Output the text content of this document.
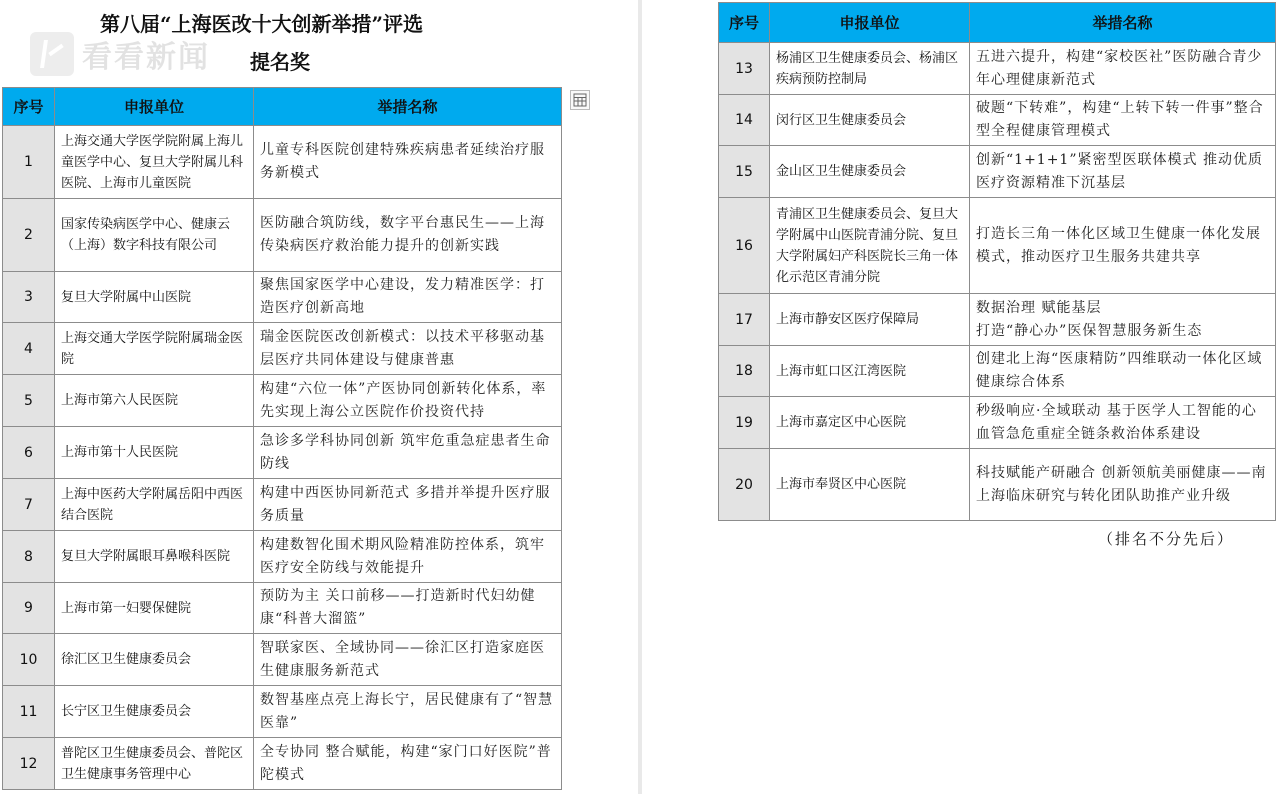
看看新闻
第八届“上海医改十大创新举措”评选
提名奖
序号	申报单位	举措名称
1	上海交通大学医学院附属上海儿童医学中心、复旦大学附属儿科医院、上海市儿童医院	儿童专科医院创建特殊疾病患者延续治疗服务新模式
2	国家传染病医学中心、健康云（上海）数字科技有限公司	医防融合筑防线，数字平台惠民生——上海传染病医疗救治能力提升的创新实践
3	复旦大学附属中山医院	聚焦国家医学中心建设，发力精准医学：打造医疗创新高地
4	上海交通大学医学院附属瑞金医院	瑞金医院医改创新模式：以技术平移驱动基层医疗共同体建设与健康普惠
5	上海市第六人民医院	构建“六位一体”产医协同创新转化体系，率先实现上海公立医院作价投资代持
6	上海市第十人民医院	急诊多学科协同创新 筑牢危重急症患者生命防线
7	上海中医药大学附属岳阳中西医结合医院	构建中西医协同新范式 多措并举提升医疗服务质量
8	复旦大学附属眼耳鼻喉科医院	构建数智化围术期风险精准防控体系，筑牢医疗安全防线与效能提升
9	上海市第一妇婴保健院	预防为主 关口前移——打造新时代妇幼健康“科普大溜篮”
10	徐汇区卫生健康委员会	智联家医、全域协同——徐汇区打造家庭医生健康服务新范式
11	长宁区卫生健康委员会	数智基座点亮上海长宁，居民健康有了“智慧医靠”
12	普陀区卫生健康委员会、普陀区卫生健康事务管理中心	全专协同 整合赋能，构建“家门口好医院”普陀模式
序号	申报单位	举措名称
13	杨浦区卫生健康委员会、杨浦区疾病预防控制局	五进六提升，构建“家校医社”医防融合青少年心理健康新范式
14	闵行区卫生健康委员会	破题“下转难”，构建“上转下转一件事”整合型全程健康管理模式
15	金山区卫生健康委员会	创新“1+1+1”紧密型医联体模式 推动优质医疗资源精准下沉基层
16	青浦区卫生健康委员会、复旦大学附属中山医院青浦分院、复旦大学附属妇产科医院长三角一体化示范区青浦分院	打造长三角一体化区域卫生健康一体化发展模式，推动医疗卫生服务共建共享
17	上海市静安区医疗保障局	数据治理 赋能基层
打造“静心办”医保智慧服务新生态
18	上海市虹口区江湾医院	创建北上海“医康精防”四维联动一体化区域健康综合体系
19	上海市嘉定区中心医院	秒级响应·全域联动 基于医学人工智能的心血管急危重症全链条救治体系建设
20	上海市奉贤区中心医院	科技赋能产研融合 创新领航美丽健康——南上海临床研究与转化团队助推产业升级
（排名不分先后）
